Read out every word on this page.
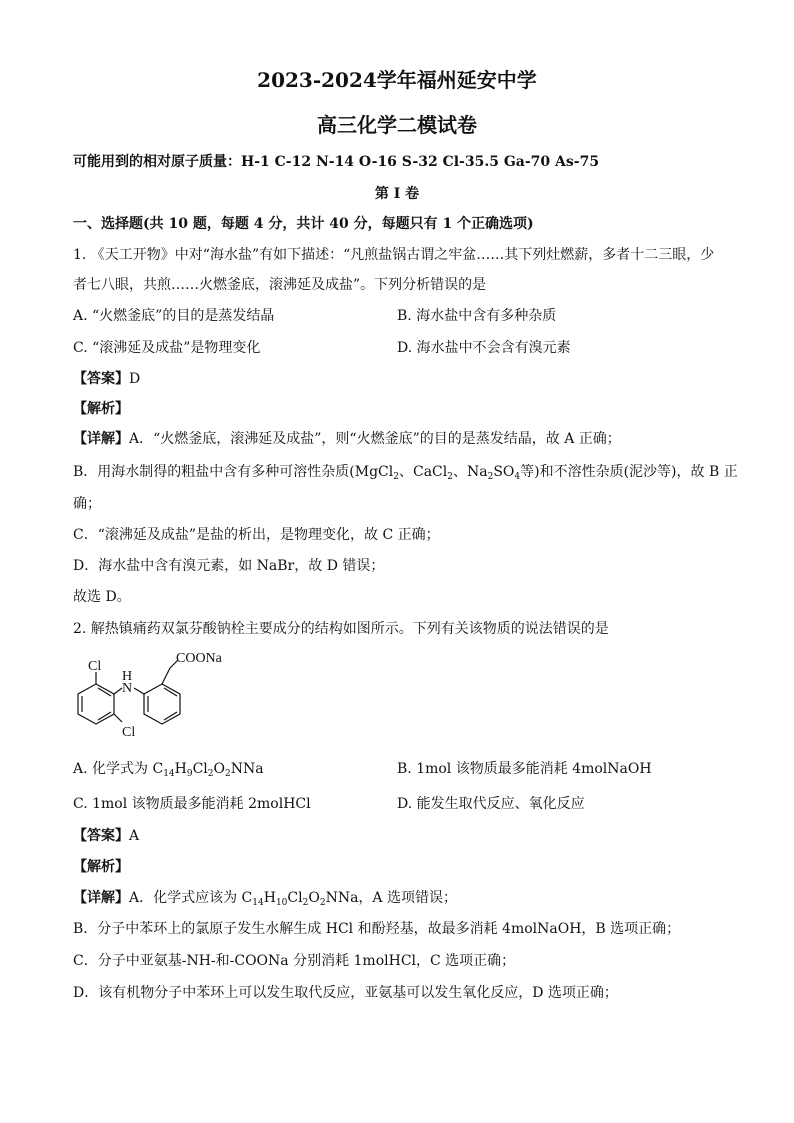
2023-2024学年福州延安中学
高三化学二模试卷
可能用到的相对原子质量：H-1 C-12 N-14 O-16 S-32 Cl-35.5 Ga-70 As-75
第 I 卷
一、选择题(共 10 题，每题 4 分，共计 40 分，每题只有 1 个正确选项)
1. 《天工开物》中对“海水盐”有如下描述：“凡煎盐锅古谓之牢盆……其下列灶燃薪，多者十二三眼，少
者七八眼，共煎……火燃釜底，滚沸延及成盐”。下列分析错误的是
A. “火燃釜底”的目的是蒸发结晶	B. 海水盐中含有多种杂质
C. “滚沸延及成盐”是物理变化	D. 海水盐中不会含有溴元素
【答案】D
【解析】
【详解】A．“火燃釜底，滚沸延及成盐”，则“火燃釜底”的目的是蒸发结晶，故 A 正确；
B．用海水制得的粗盐中含有多种可溶性杂质(MgCl$_2$、CaCl$_2$、$Na_2SO_4$等)和不溶性杂质(泥沙等)，故 B 正
确；
C．“滚沸延及成盐”是盐的析出，是物理变化，故 C 正确；
D．海水盐中含有溴元素，如 NaBr，故 D 错误；
故选 D。
2. 解热镇痛药双氯芬酸钠栓主要成分的结构如图所示。下列有关该物质的说法错误的是
Cl
N
H
Cl
COONa
A. 化学式为 $C_{14}H_9Cl_2O_2NNa$	B. 1mol 该物质最多能消耗 4molNaOH
C. 1mol 该物质最多能消耗 2molHCl	D. 能发生取代反应、氧化反应
【答案】A
【解析】
【详解】A．化学式应该为 $C_{14}H_{10}Cl_2O_2NNa$，A 选项错误；
B．分子中苯环上的氯原子发生水解生成 HCl 和酚羟基，故最多消耗 4molNaOH，B 选项正确；
C．分子中亚氨基-NH-和-COONa 分别消耗 1molHCl，C 选项正确；
D．该有机物分子中苯环上可以发生取代反应，亚氨基可以发生氧化反应，D 选项正确；
